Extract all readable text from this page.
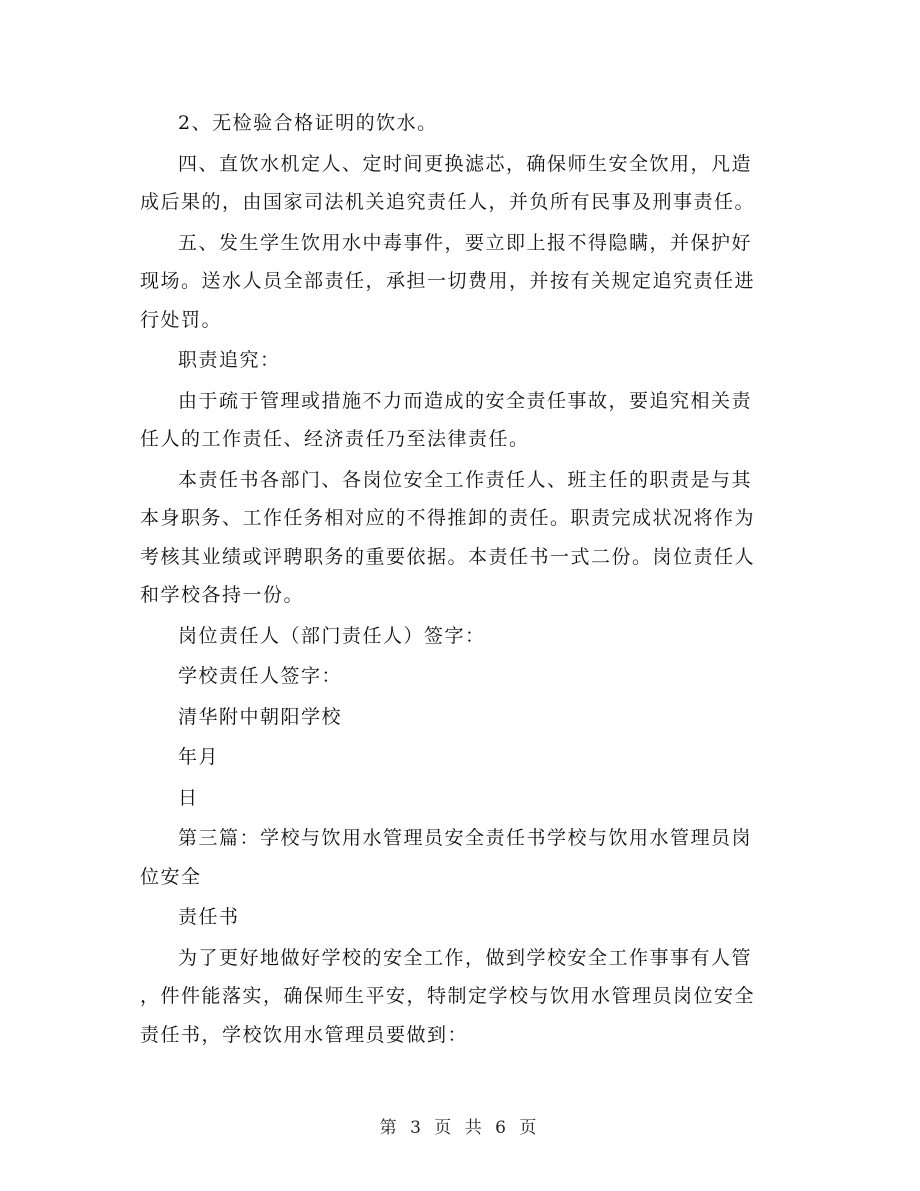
2、无检验合格证明的饮水。

四、直饮水机定人、定时间更换滤芯，确保师生安全饮用，凡造
成后果的，由国家司法机关追究责任人，并负所有民事及刑事责任。

五、发生学生饮用水中毒事件，要立即上报不得隐瞒，并保护好
现场。送水人员全部责任，承担一切费用，并按有关规定追究责任进
行处罚。

职责追究：

由于疏于管理或措施不力而造成的安全责任事故，要追究相关责
任人的工作责任、经济责任乃至法律责任。

本责任书各部门、各岗位安全工作责任人、班主任的职责是与其
本身职务、工作任务相对应的不得推卸的责任。职责完成状况将作为
考核其业绩或评聘职务的重要依据。本责任书一式二份。岗位责任人
和学校各持一份。

岗位责任人（部门责任人）签字：

学校责任人签字：

清华附中朝阳学校

年月

日

第三篇：学校与饮用水管理员安全责任书学校与饮用水管理员岗
位安全

责任书

为了更好地做好学校的安全工作，做到学校安全工作事事有人管
，件件能落实，确保师生平安，特制定学校与饮用水管理员岗位安全
责任书，学校饮用水管理员要做到：

第 3 页 共 6 页
